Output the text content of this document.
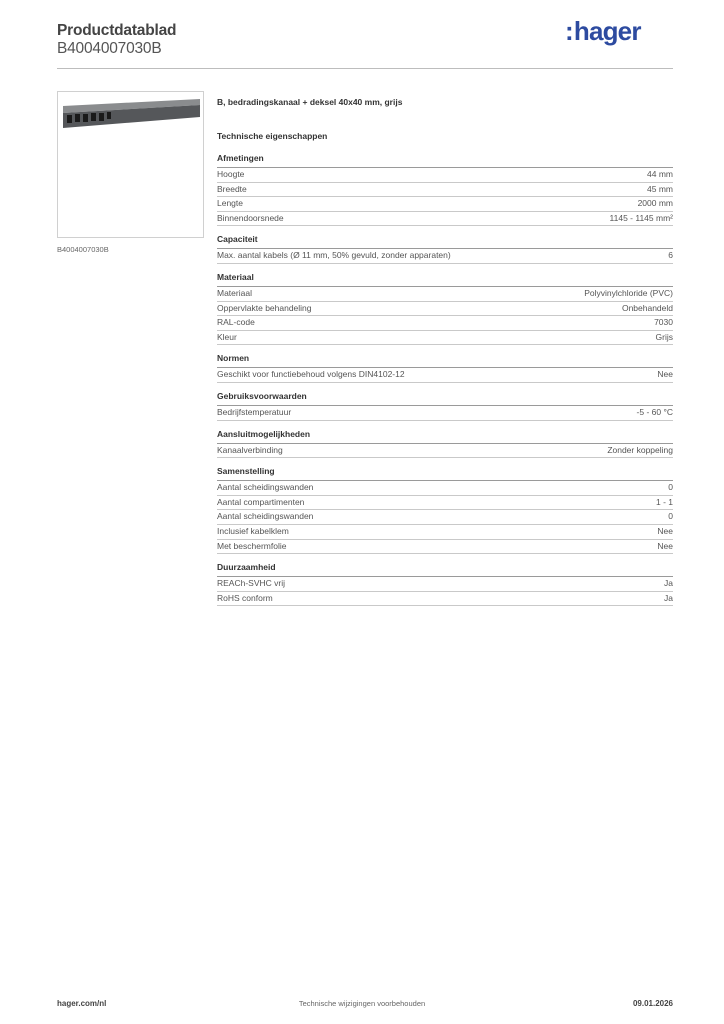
Productdatablad
B4004007030B
:hager
B4004007030B
B, bedradingskanaal + deksel 40x40 mm, grijs
Technische eigenschappen
Afmetingen
Hoogte	44 mm
Breedte	45 mm
Lengte	2000 mm
Binnendoorsnede	1145 - 1145 mm²
Capaciteit
Max. aantal kabels (Ø 11 mm, 50% gevuld, zonder apparaten)	6
Materiaal
Materiaal	Polyvinylchloride (PVC)
Oppervlakte behandeling	Onbehandeld
RAL-code	7030
Kleur	Grijs
Normen
Geschikt voor functiebehoud volgens DIN4102-12	Nee
Gebruiksvoorwaarden
Bedrijfstemperatuur	-5 - 60 °C
Aansluitmogelijkheden
Kanaalverbinding	Zonder koppeling
Samenstelling
Aantal scheidingswanden	0
Aantal compartimenten	1 - 1
Aantal scheidingswanden	0
Inclusief kabelklem	Nee
Met beschermfolie	Nee
Duurzaamheid
REACh-SVHC vrij	Ja
RoHS conform	Ja
hager.com/nl	Technische wijzigingen voorbehouden	09.01.2026
